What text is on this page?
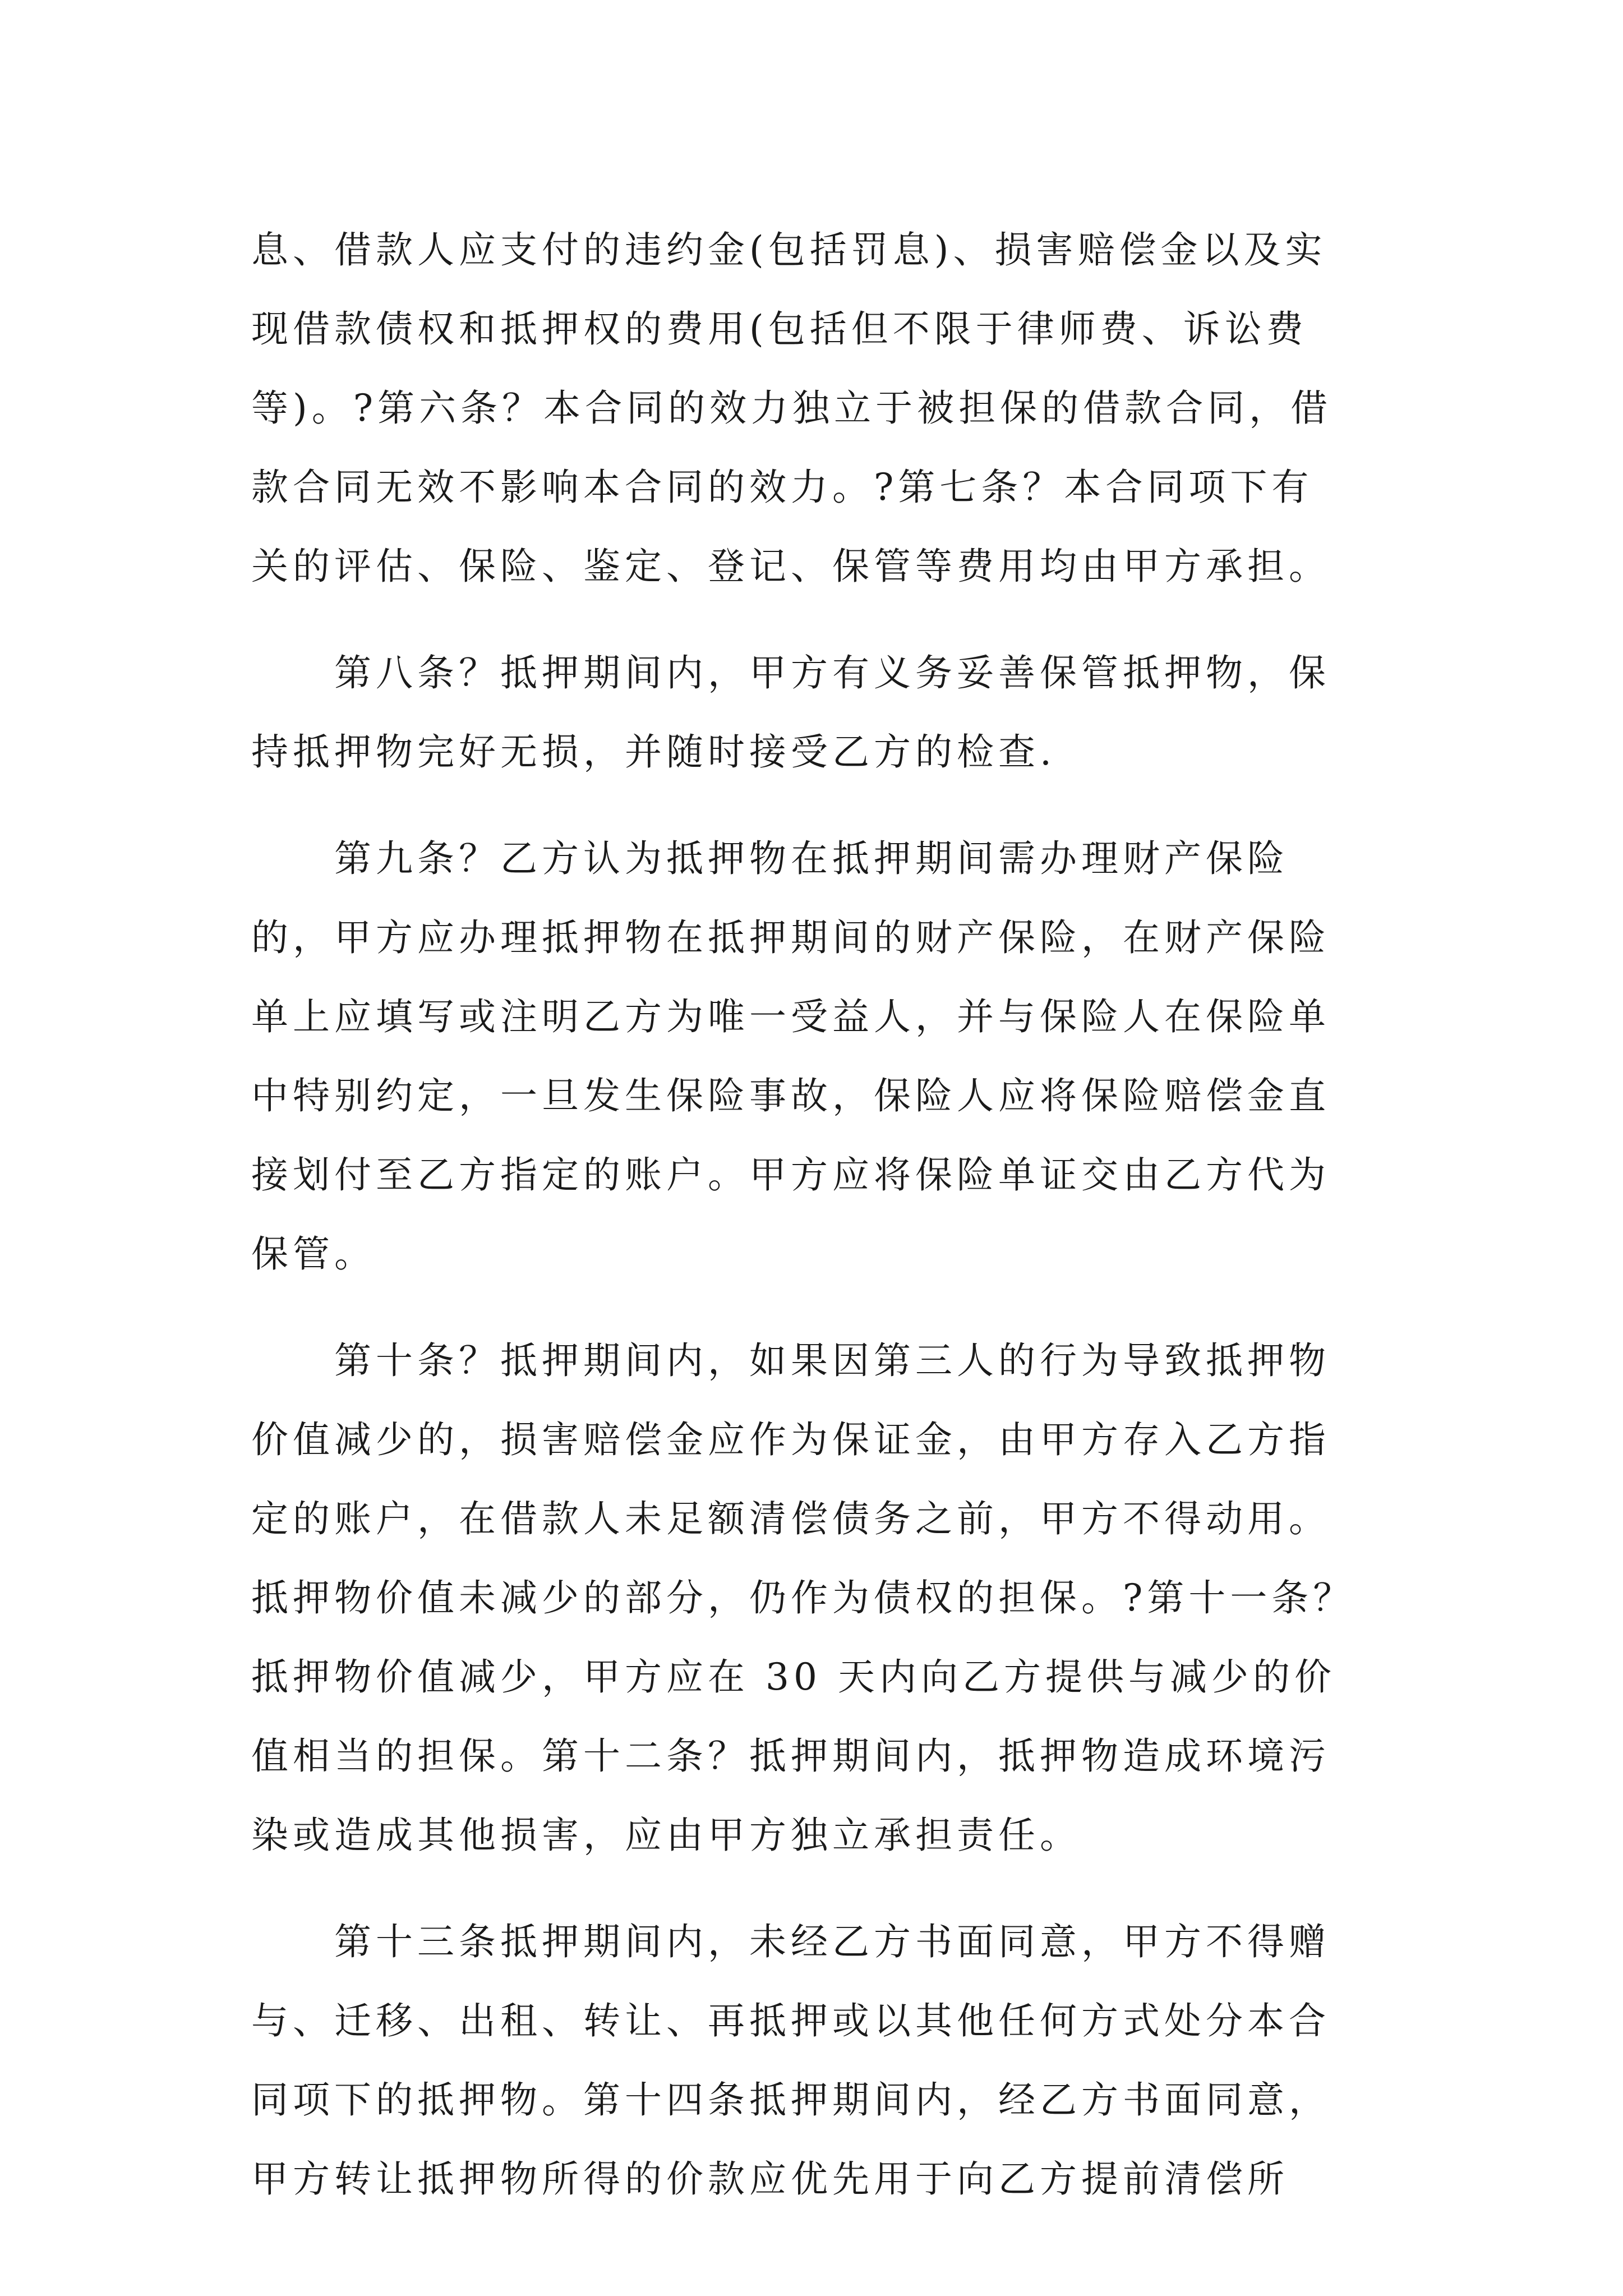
息、借款人应支付的违约金(包括罚息)、损害赔偿金以及实
现借款债权和抵押权的费用(包括但不限于律师费、诉讼费
等)。?第六条？本合同的效力独立于被担保的借款合同，借
款合同无效不影响本合同的效力。?第七条？本合同项下有
关的评估、保险、鉴定、登记、保管等费用均由甲方承担。
第八条？抵押期间内，甲方有义务妥善保管抵押物，保
持抵押物完好无损，并随时接受乙方的检查.
第九条？乙方认为抵押物在抵押期间需办理财产保险
的，甲方应办理抵押物在抵押期间的财产保险，在财产保险
单上应填写或注明乙方为唯一受益人，并与保险人在保险单
中特别约定，一旦发生保险事故，保险人应将保险赔偿金直
接划付至乙方指定的账户。甲方应将保险单证交由乙方代为
保管。
第十条？抵押期间内，如果因第三人的行为导致抵押物
价值减少的，损害赔偿金应作为保证金，由甲方存入乙方指
定的账户，在借款人未足额清偿债务之前，甲方不得动用。
抵押物价值未减少的部分，仍作为债权的担保。?第十一条？
抵押物价值减少，甲方应在 30 天内向乙方提供与减少的价
值相当的担保。第十二条？抵押期间内，抵押物造成环境污
染或造成其他损害，应由甲方独立承担责任。
第十三条抵押期间内，未经乙方书面同意，甲方不得赠
与、迁移、出租、转让、再抵押或以其他任何方式处分本合
同项下的抵押物。第十四条抵押期间内，经乙方书面同意，
甲方转让抵押物所得的价款应优先用于向乙方提前清偿所
